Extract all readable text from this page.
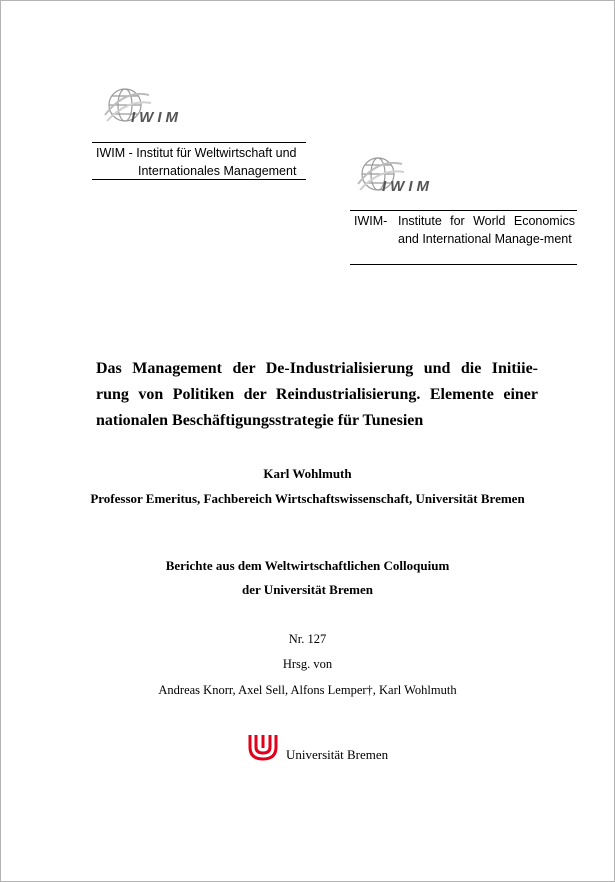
IWIM
IWIM - Institut für Weltwirtschaft und
Internationales Management
IWIM
IWIM- Institute for World Economics and International Manage-ment
Das Management der De-Industrialisierung und die Initiie-
rung von Politiken der Reindustrialisierung. Elemente einer
nationalen Beschäftigungsstrategie für Tunesien
Karl Wohlmuth
Professor Emeritus, Fachbereich Wirtschaftswissenschaft, Universität Bremen
Berichte aus dem Weltwirtschaftlichen Colloquium
der Universität Bremen
Nr. 127
Hrsg. von
Andreas Knorr, Axel Sell, Alfons Lemper†, Karl Wohlmuth
Universität Bremen
